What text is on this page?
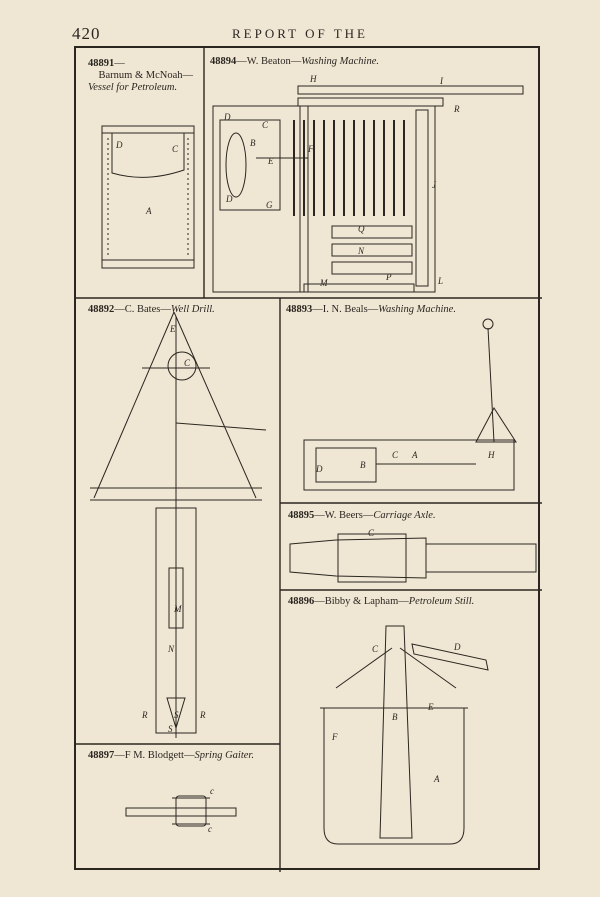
420	REPORT OF THE
48891—
Barnum & McNoah—
Vessel for Petroleum.
48894—W. Beaton—Washing Machine.
48892—C. Bates—Well Drill.	48893—I. N. Beals—Washing Machine.
48895—W. Beers—Carriage Axle.
48896—Bibby & Lapham—Petroleum Still.
48897—F M. Blodgett—Spring Gaiter.
D	C
A
H	I
R
D
C
B
E
F
D
G
J
Q
N
M
P	L
E
C
M
N
R	S R
S
D	B
C A	H
C
D
C
B
E
F
A
c
c
